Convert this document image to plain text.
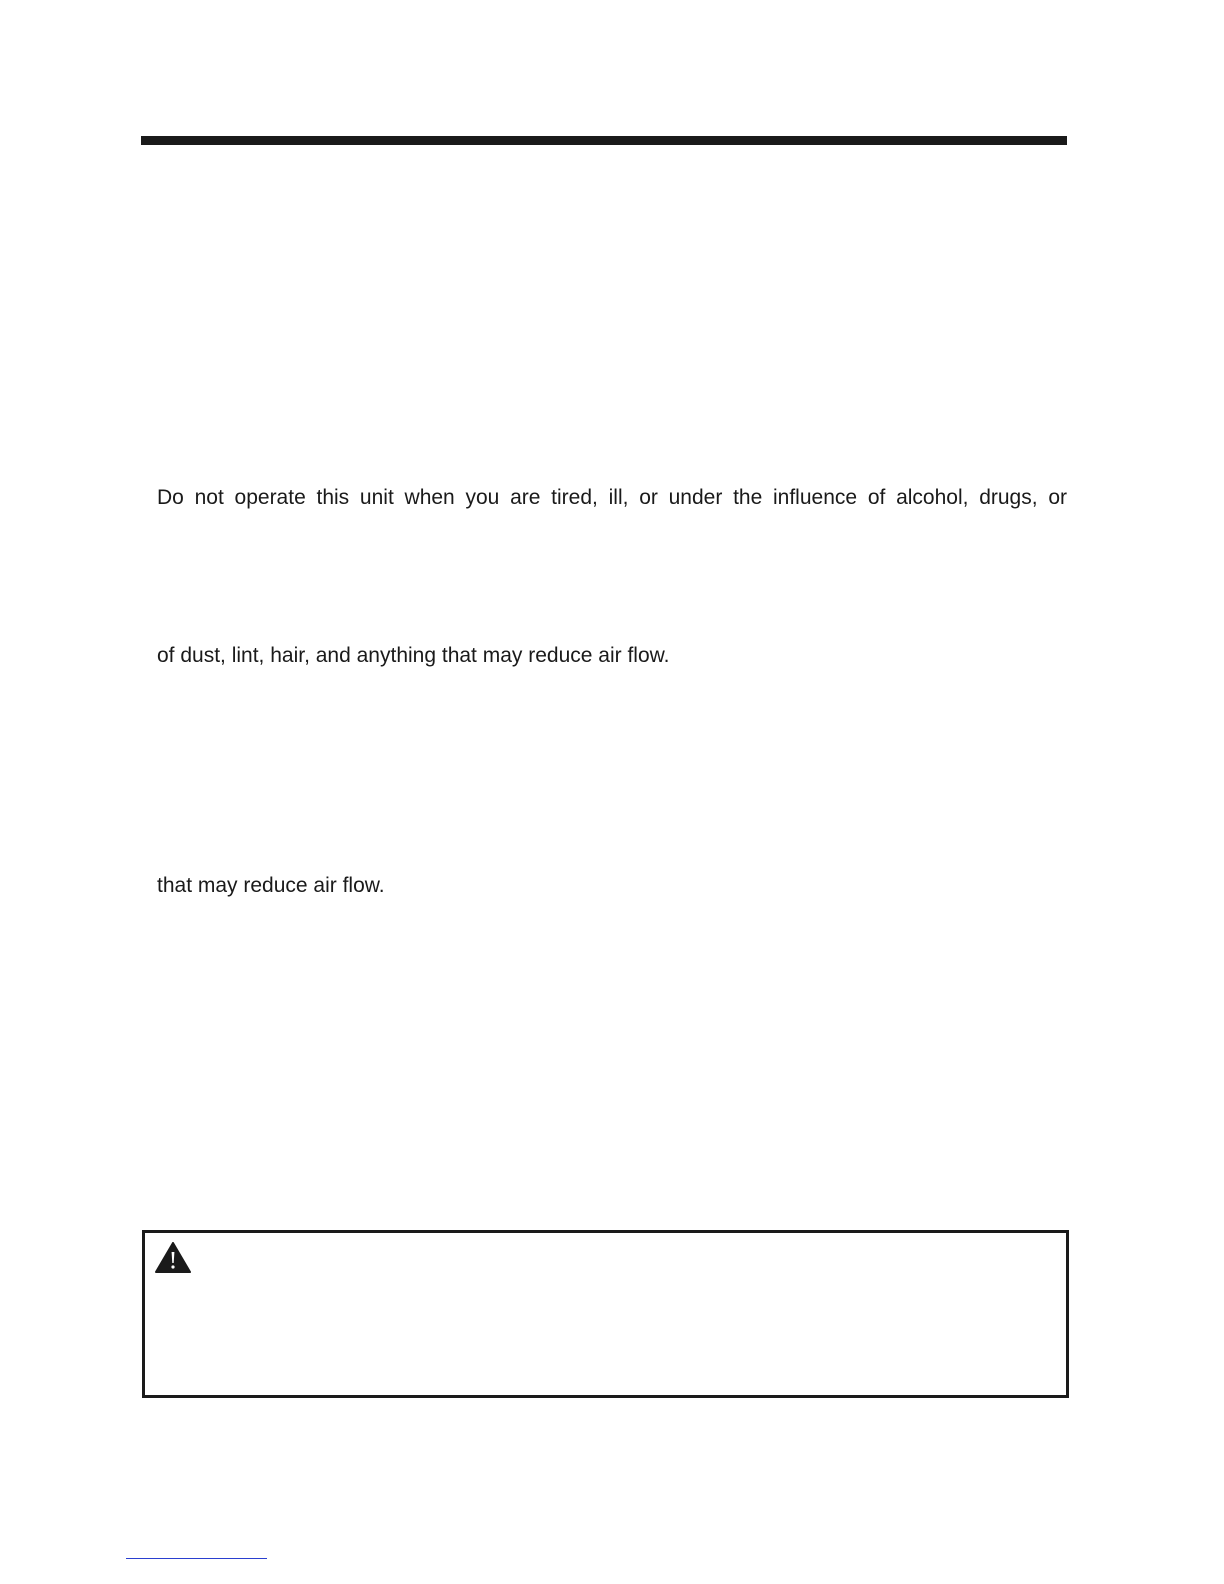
Do not operate this unit when you are tired, ill, or under the influence of alcohol, drugs, or
of dust, lint, hair, and anything that may reduce air flow.
that may reduce air flow.
